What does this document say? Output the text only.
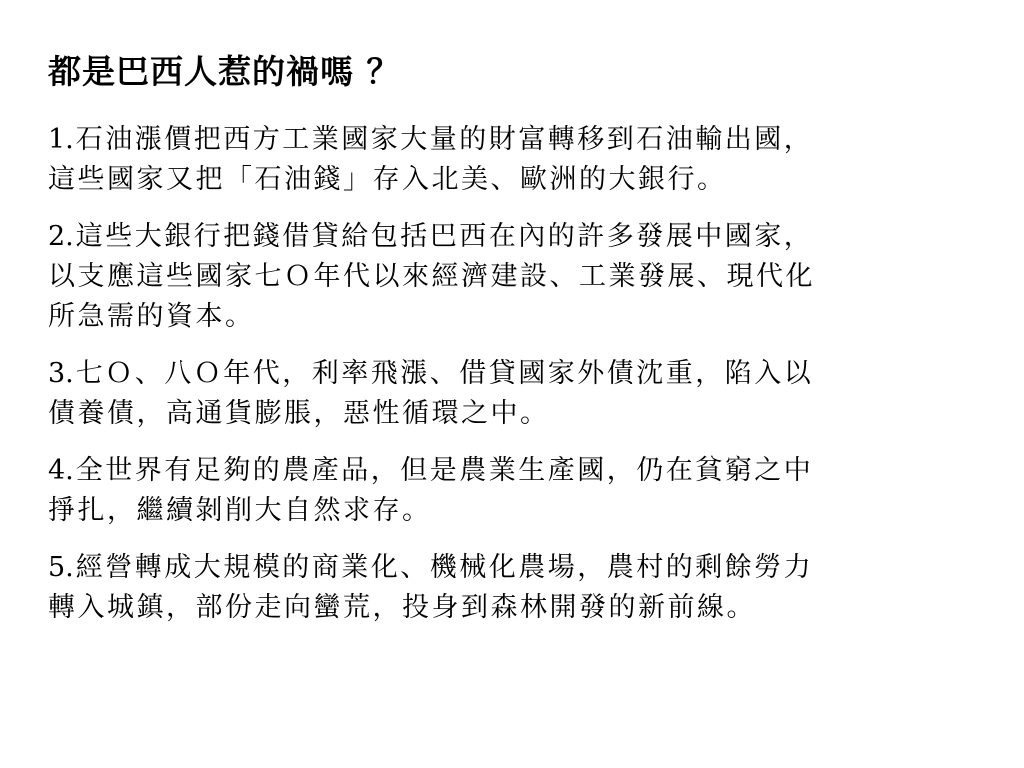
都是巴西人惹的禍嗎 ？
1.石油漲價把西方工業國家大量的財富轉移到石油輸出國，
這些國家又把「石油錢」存入北美、歐洲的大銀行。
2.這些大銀行把錢借貸給包括巴西在內的許多發展中國家，
以支應這些國家七Ｏ年代以來經濟建設、工業發展、現代化
所急需的資本。
3.七Ｏ、八Ｏ年代，利率飛漲、借貸國家外債沈重，陷入以
債養債，高通貨膨脹，惡性循環之中。
4.全世界有足夠的農產品，但是農業生產國，仍在貧窮之中
掙扎，繼續剝削大自然求存。
5.經營轉成大規模的商業化、機械化農場，農村的剩餘勞力
轉入城鎮，部份走向蠻荒，投身到森林開發的新前線。
